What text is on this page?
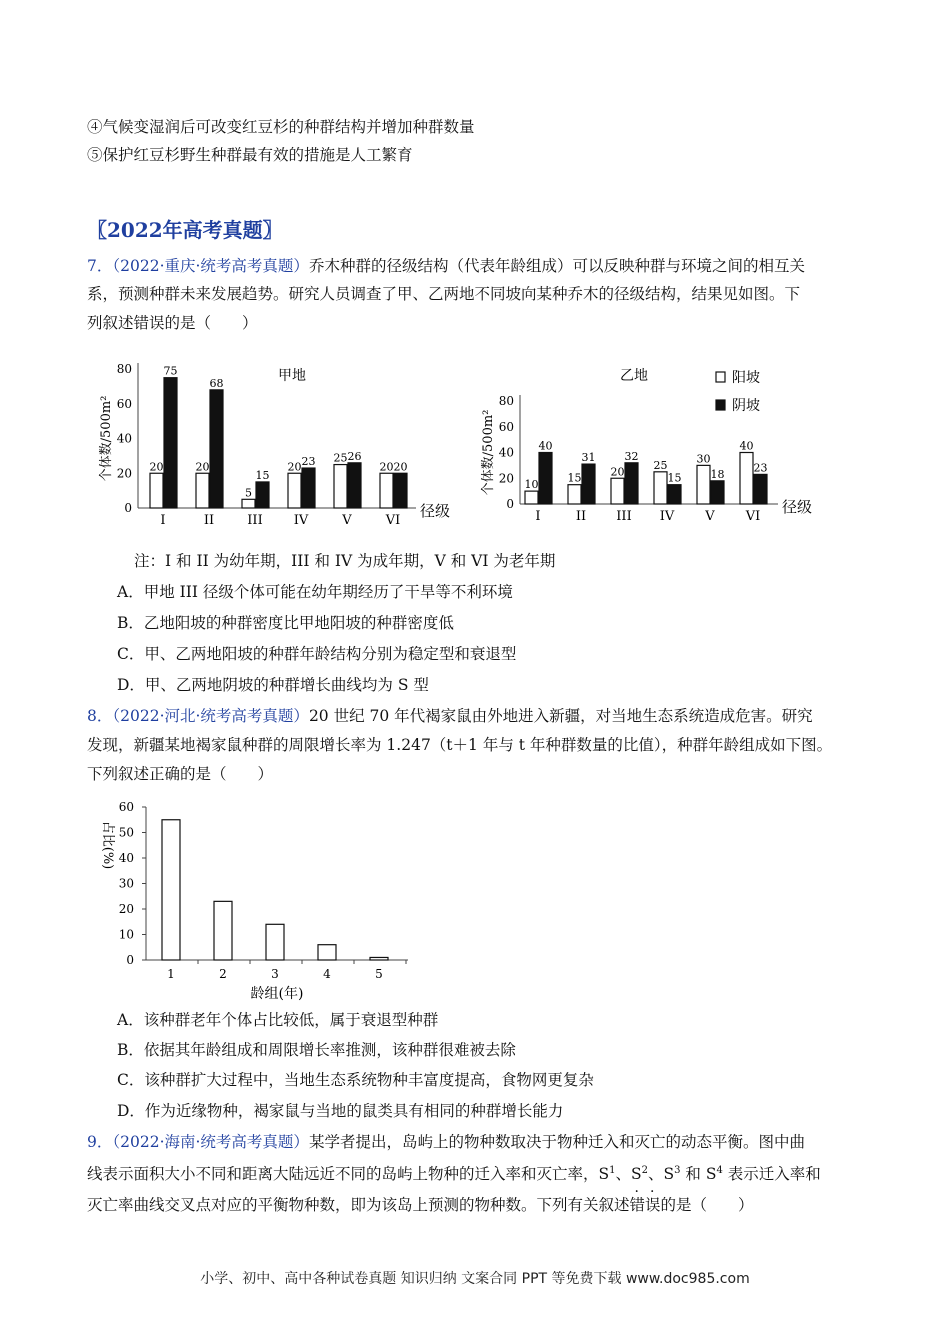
④气候变湿润后可改变红豆杉的种群结构并增加种群数量
⑤保护红豆杉野生种群最有效的措施是人工繁育
〖2022年高考真题〗
7．（2022·重庆·统考高考真题）乔木种群的径级结构（代表年龄组成）可以反映种群与环境之间的相互关
系，预测种群未来发展趋势。研究人员调查了甲、乙两地不同坡向某种乔木的径级结构，结果见如图。下
列叙述错误的是（　　）
0
20
40
60
80
个体数/500m²
径级
甲地
20
75
I
20
68
II
5
15
III
20 23
IV
25 26
V
20 20
VI
0
20
40
60
80
个体数/500m²
径级
乙地
10
40
I
15
31
II
20
32
III
25
15
IV
30
18
V
40
23
VI
阳坡
阴坡
注：I 和 II 为幼年期，III 和 IV 为成年期，V 和 VI 为老年期
A．甲地 III 径级个体可能在幼年期经历了干旱等不利环境
B．乙地阳坡的种群密度比甲地阳坡的种群密度低
C．甲、乙两地阳坡的种群年龄结构分别为稳定型和衰退型
D．甲、乙两地阴坡的种群增长曲线均为 S 型
8．（2022·河北·统考高考真题）20 世纪 70 年代褐家鼠由外地进入新疆，对当地生态系统造成危害。研究
发现，新疆某地褐家鼠种群的周限增长率为 1.247（t＋1 年与 t 年种群数量的比值），种群年龄组成如下图。
下列叙述正确的是（　　）
0
10
20
30
40
50
60
占比(%)
1	2	3	4	5
龄组(年)
A．该种群老年个体占比较低，属于衰退型种群
B．依据其年龄组成和周限增长率推测，该种群很难被去除
C．该种群扩大过程中，当地生态系统物种丰富度提高，食物网更复杂
D．作为近缘物种，褐家鼠与当地的鼠类具有相同的种群增长能力
9．（2022·海南·统考高考真题）某学者提出，岛屿上的物种数取决于物种迁入和灭亡的动态平衡。图中曲
线表示面积大小不同和距离大陆远近不同的岛屿上物种的迁入率和灭亡率，$S^1$、$S^2$、$S^3$ 和 $S^4$ 表示迁入率和
灭亡率曲线交叉点对应的平衡物种数，即为该岛上预测的物种数。下列有关叙述错误的是（　　）
小学、初中、高中各种试卷真题 知识归纳 文案合同 PPT 等免费下载 www.doc985.com
